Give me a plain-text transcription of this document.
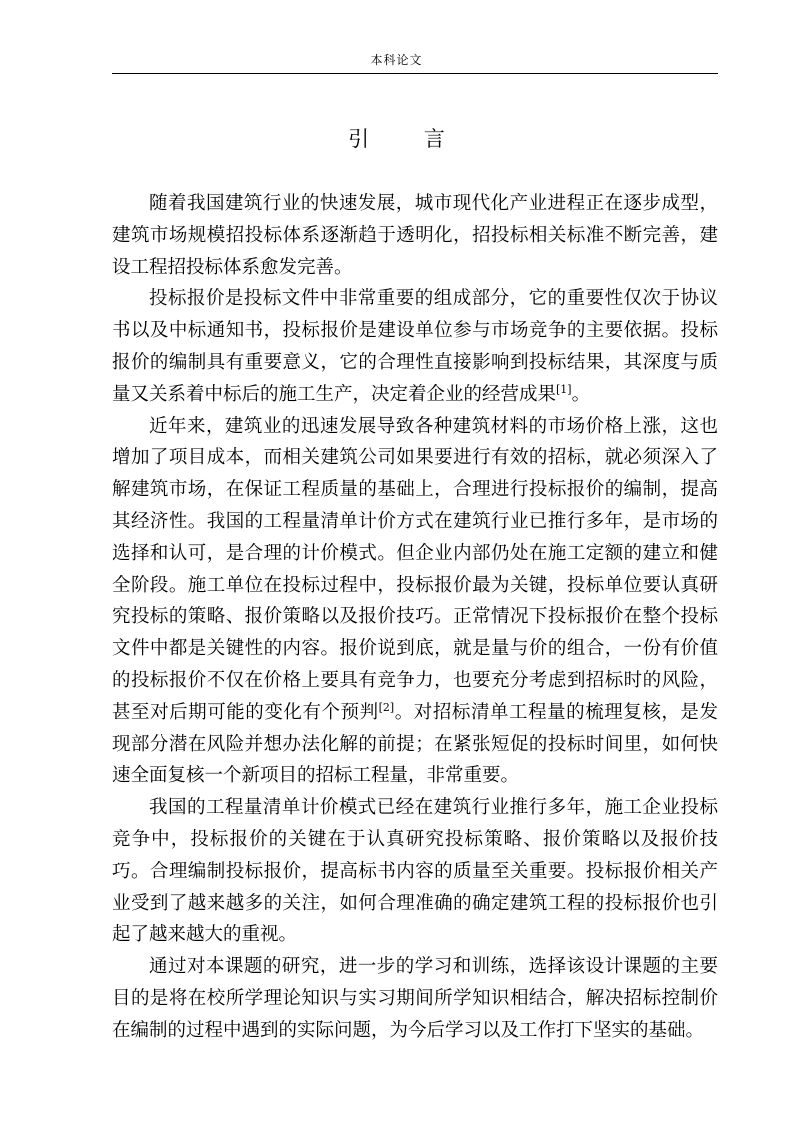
本科论文
引 言

随着我国建筑行业的快速发展，城市现代化产业进程正在逐步成型，建筑市场规模招投标体系逐渐趋于透明化，招投标相关标准不断完善，建设工程招投标体系愈发完善。

投标报价是投标文件中非常重要的组成部分，它的重要性仅次于协议书以及中标通知书，投标报价是建设单位参与市场竞争的主要依据。投标报价的编制具有重要意义，它的合理性直接影响到投标结果，其深度与质量又关系着中标后的施工生产，决定着企业的经营成果[1]。

近年来，建筑业的迅速发展导致各种建筑材料的市场价格上涨，这也增加了项目成本，而相关建筑公司如果要进行有效的招标，就必须深入了解建筑市场，在保证工程质量的基础上，合理进行投标报价的编制，提高其经济性。我国的工程量清单计价方式在建筑行业已推行多年，是市场的选择和认可，是合理的计价模式。但企业内部仍处在施工定额的建立和健全阶段。施工单位在投标过程中，投标报价最为关键，投标单位要认真研究投标的策略、报价策略以及报价技巧。正常情况下投标报价在整个投标文件中都是关键性的内容。报价说到底，就是量与价的组合，一份有价值的投标报价不仅在价格上要具有竞争力，也要充分考虑到招标时的风险，甚至对后期可能的变化有个预判[2]。对招标清单工程量的梳理复核，是发现部分潜在风险并想办法化解的前提；在紧张短促的投标时间里，如何快速全面复核一个新项目的招标工程量，非常重要。

我国的工程量清单计价模式已经在建筑行业推行多年，施工企业投标竞争中，投标报价的关键在于认真研究投标策略、报价策略以及报价技巧。合理编制投标报价，提高标书内容的质量至关重要。投标报价相关产业受到了越来越多的关注，如何合理准确的确定建筑工程的投标报价也引起了越来越大的重视。

通过对本课题的研究，进一步的学习和训练，选择该设计课题的主要目的是将在校所学理论知识与实习期间所学知识相结合，解决招标控制价在编制的过程中遇到的实际问题，为今后学习以及工作打下坚实的基础。
